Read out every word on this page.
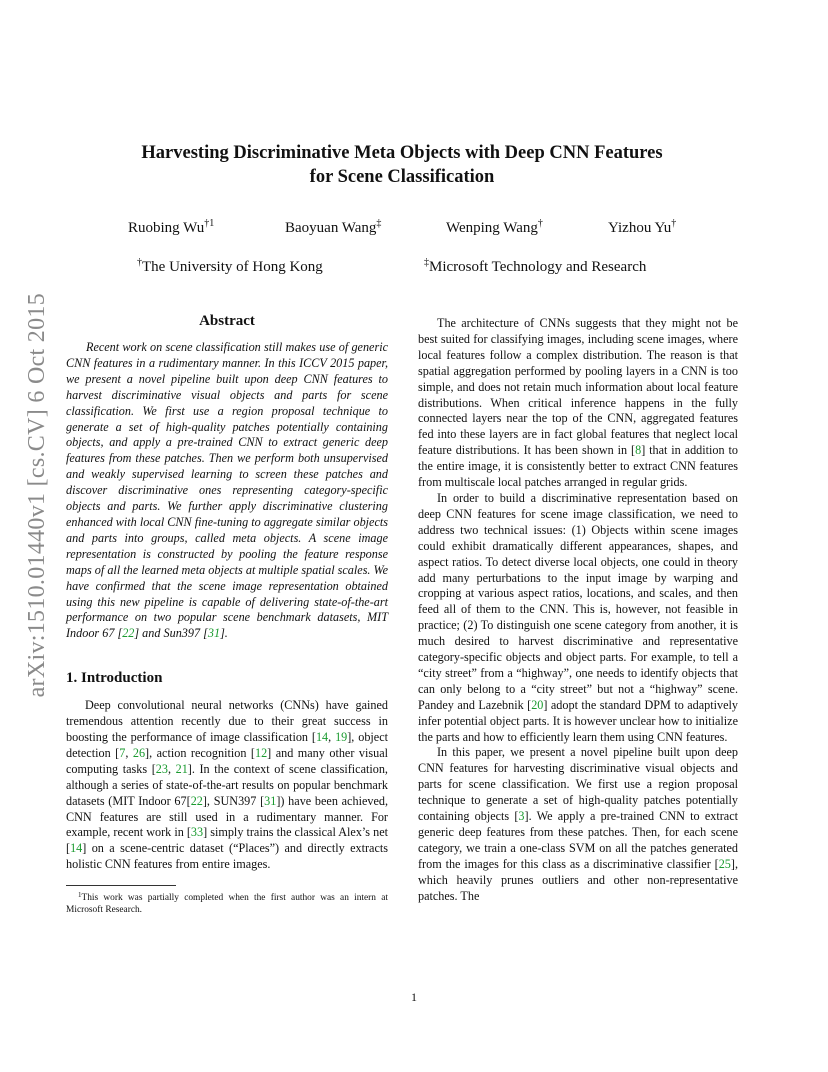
arXiv:1510.01440v1 [cs.CV] 6 Oct 2015
Harvesting Discriminative Meta Objects with Deep CNN Features
for Scene Classification
Ruobing Wu$^{\dagger 1}$	Baoyuan Wang‡	Wenping Wang†	Yizhou Yu†
†The University of Hong Kong	‡Microsoft Technology and Research
Abstract

Recent work on scene classification still makes use of generic CNN features in a rudimentary manner. In this ICCV 2015 paper, we present a novel pipeline built upon deep CNN features to harvest discriminative visual objects and parts for scene classification. We first use a region proposal technique to generate a set of high-quality patches potentially containing objects, and apply a pre-trained CNN to extract generic deep features from these patches. Then we perform both unsupervised and weakly supervised learning to screen these patches and discover discriminative ones representing category-specific objects and parts. We further apply discriminative clustering enhanced with local CNN fine-tuning to aggregate similar objects and parts into groups, called meta objects. A scene image representation is constructed by pooling the feature response maps of all the learned meta objects at multiple spatial scales. We have confirmed that the scene image representation obtained using this new pipeline is capable of delivering state-of-the-art performance on two popular scene benchmark datasets, MIT Indoor 67 [22] and Sun397 [31].

1. Introduction

Deep convolutional neural networks (CNNs) have gained tremendous attention recently due to their great success in boosting the performance of image classification [14, 19], object detection [7, 26], action recognition [12] and many other visual computing tasks [23, 21]. In the context of scene classification, although a series of state-of-the-art results on popular benchmark datasets (MIT Indoor 67[22], SUN397 [31]) have been achieved, CNN features are still used in a rudimentary manner. For example, recent work in [33] simply trains the classical Alex’s net [14] on a scene-centric dataset (“Places”) and directly extracts holistic CNN features from entire images.

$^1$This work was partially completed when the first author was an intern at Microsoft Research.

The architecture of CNNs suggests that they might not be best suited for classifying images, including scene images, where local features follow a complex distribution. The reason is that spatial aggregation performed by pooling layers in a CNN is too simple, and does not retain much information about local feature distributions. When critical inference happens in the fully connected layers near the top of the CNN, aggregated features fed into these layers are in fact global features that neglect local feature distributions. It has been shown in [8] that in addition to the entire image, it is consistently better to extract CNN features from multiscale local patches arranged in regular grids.

In order to build a discriminative representation based on deep CNN features for scene image classification, we need to address two technical issues: (1) Objects within scene images could exhibit dramatically different appearances, shapes, and aspect ratios. To detect diverse local objects, one could in theory add many perturbations to the input image by warping and cropping at various aspect ratios, locations, and scales, and then feed all of them to the CNN. This is, however, not feasible in practice; (2) To distinguish one scene category from another, it is much desired to harvest discriminative and representative category-specific objects and object parts. For example, to tell a “city street” from a “highway”, one needs to identify objects that can only belong to a “city street” but not a “highway” scene. Pandey and Lazebnik [20] adopt the standard DPM to adaptively infer potential object parts. It is however unclear how to initialize the parts and how to efficiently learn them using CNN features.

In this paper, we present a novel pipeline built upon deep CNN features for harvesting discriminative visual objects and parts for scene classification. We first use a region proposal technique to generate a set of high-quality patches potentially containing objects [3]. We apply a pre-trained CNN to extract generic deep features from these patches. Then, for each scene category, we train a one-class SVM on all the patches generated from the images for this class as a discriminative classifier [25], which heavily prunes outliers and other non-representative patches. The

1
